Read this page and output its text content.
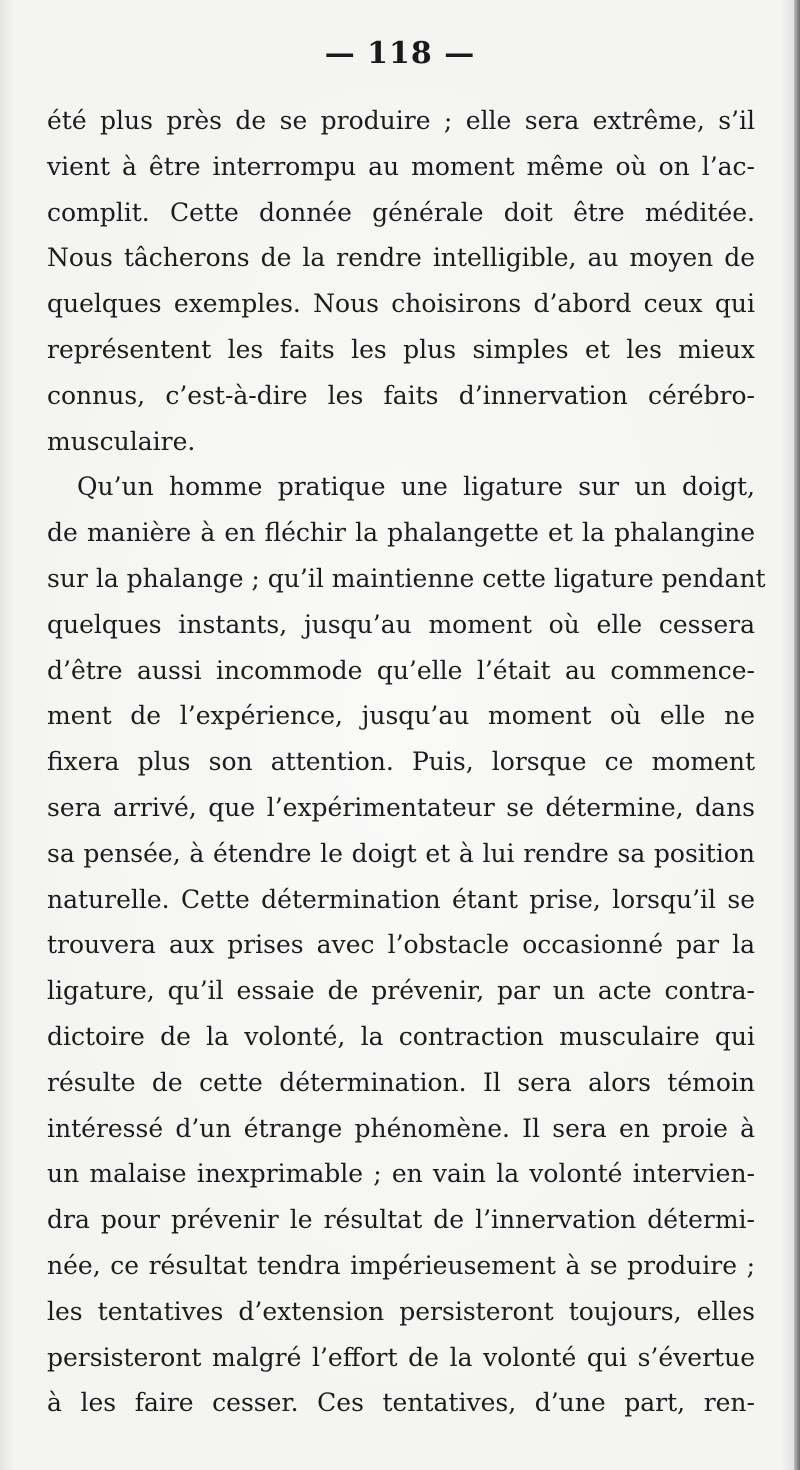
— 118 —
été plus près de se produire ; elle sera extrême, s’il
vient à être interrompu au moment même où on l’ac-
complit. Cette donnée générale doit être méditée.
Nous tâcherons de la rendre intelligible, au moyen de
quelques exemples. Nous choisirons d’abord ceux qui
représentent les faits les plus simples et les mieux
connus, c’est-à-dire les faits d’innervation cérébro-
musculaire.
Qu’un homme pratique une ligature sur un doigt,
de manière à en fléchir la phalangette et la phalangine
sur la phalange ; qu’il maintienne cette ligature pendant
quelques instants, jusqu’au moment où elle cessera
d’être aussi incommode qu’elle l’était au commence-
ment de l’expérience, jusqu’au moment où elle ne
fixera plus son attention. Puis, lorsque ce moment
sera arrivé, que l’expérimentateur se détermine, dans
sa pensée, à étendre le doigt et à lui rendre sa position
naturelle. Cette détermination étant prise, lorsqu’il se
trouvera aux prises avec l’obstacle occasionné par la
ligature, qu’il essaie de prévenir, par un acte contra-
dictoire de la volonté, la contraction musculaire qui
résulte de cette détermination. Il sera alors témoin
intéressé d’un étrange phénomène. Il sera en proie à
un malaise inexprimable ; en vain la volonté intervien-
dra pour prévenir le résultat de l’innervation détermi-
née, ce résultat tendra impérieusement à se produire ;
les tentatives d’extension persisteront toujours, elles
persisteront malgré l’effort de la volonté qui s’évertue
à les faire cesser. Ces tentatives, d’une part, ren-
